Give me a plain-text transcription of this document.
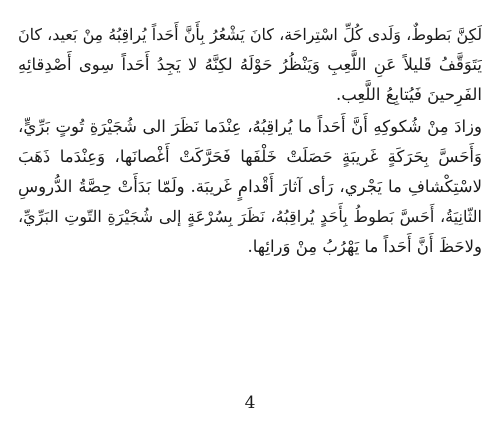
لَكِنَّ بَطوطٌ، وَلَدى كُلِّ اسْتِراحَة، كانَ يَشْعُرُ بِأَنَّ أَحَداً يُراقِبُهُ مِنْ بَعيد، كانَ
يَتَوَقَّفُ قَليلاً عَنِ اللَّعِبِ وَيَنْظُرُ حَوْلَهُ لكِنَّهُ لا يَجِدُ أَحَداً سِوى أَصْدِقائِهِ
الفَرِحينَ فَيُتابِعُ اللَّعِب.
وزادَ مِنْ شُكوكِهِ أَنَّ أَحَداً ما يُراقِبُهُ، عِنْدَما نَظَرَ الى شُجَيْرَةِ تُوتٍ بَرِّيٍّ،
وَأَحَسَّ بِحَرَكَةٍ غَريبَةٍ حَصَلَتْ خَلْفَها فَحَرَّكَتْ أَغْصانَها، وَعِنْدَما ذَهَبَ
لاسْتِكْشافِ ما يَجْري، رَأى آثارَ أَقْدامٍ غَريبَة. ولَمّا بَدَأَتْ حِصَّةُ الدُّروسِ
الثّانِيَةُ، أَحَسَّ بَطوطُ بِأَحَدٍ يُراقِبُهُ، نَظَرَ بِسُرْعَةٍ إلى شُجَيْرَةِ التّوتِ البَرِّيِّ،
ولاحَظَ أَنَّ أَحَداً ما يَهْرُبُ مِنْ وَرائِها.
4
